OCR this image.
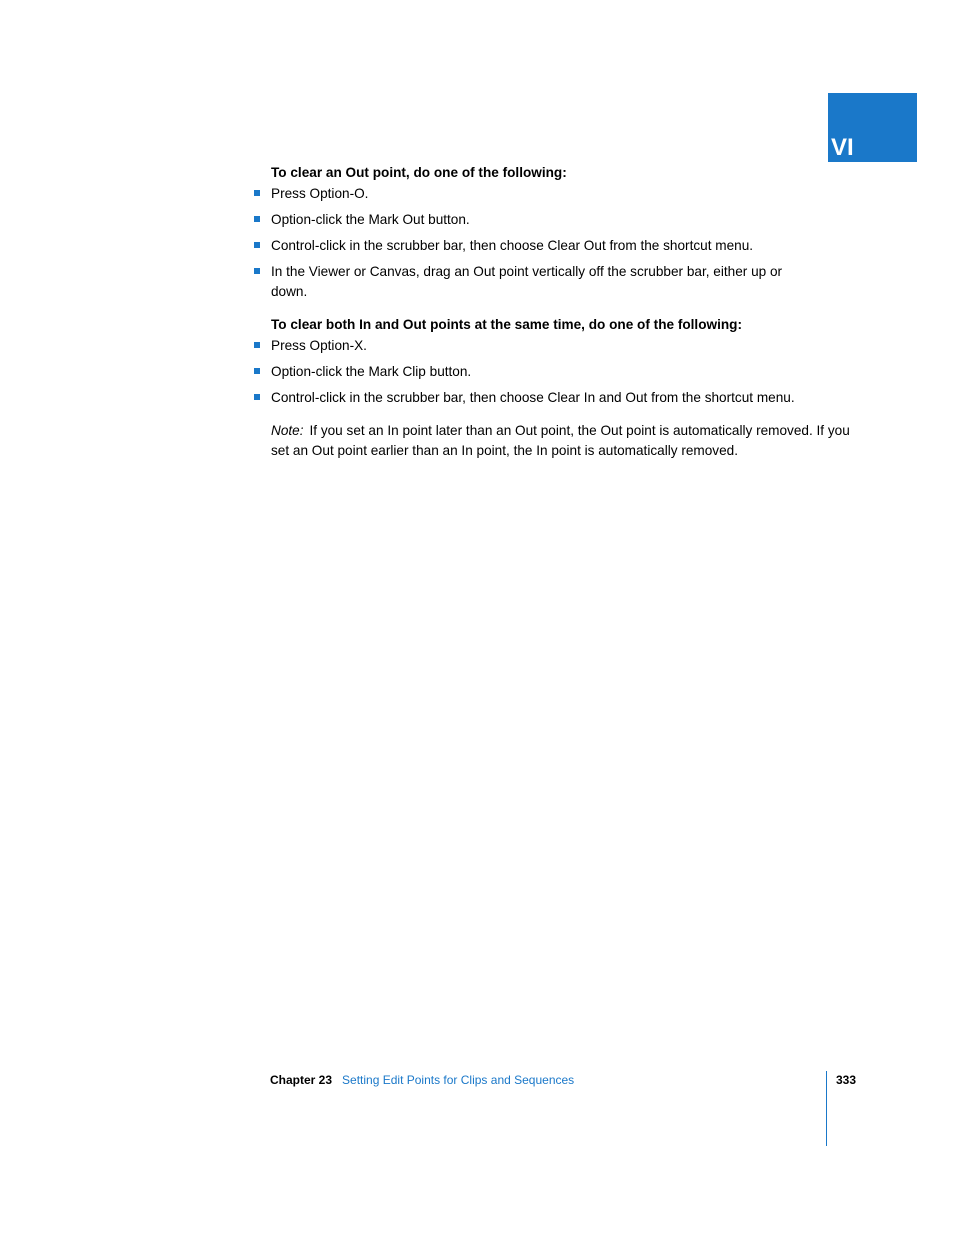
VI

To clear an Out point, do one of the following:

Press Option-O.
Option-click the Mark Out button.
Control-click in the scrubber bar, then choose Clear Out from the shortcut menu.
In the Viewer or Canvas, drag an Out point vertically off the scrubber bar, either up or down.

To clear both In and Out points at the same time, do one of the following:

Press Option-X.
Option-click the Mark Clip button.
Control-click in the scrubber bar, then choose Clear In and Out from the shortcut menu.
Note: If you set an In point later than an Out point, the Out point is automatically removed. If you set an Out point earlier than an In point, the In point is automatically removed.
Chapter 23 Setting Edit Points for Clips and Sequences	333
